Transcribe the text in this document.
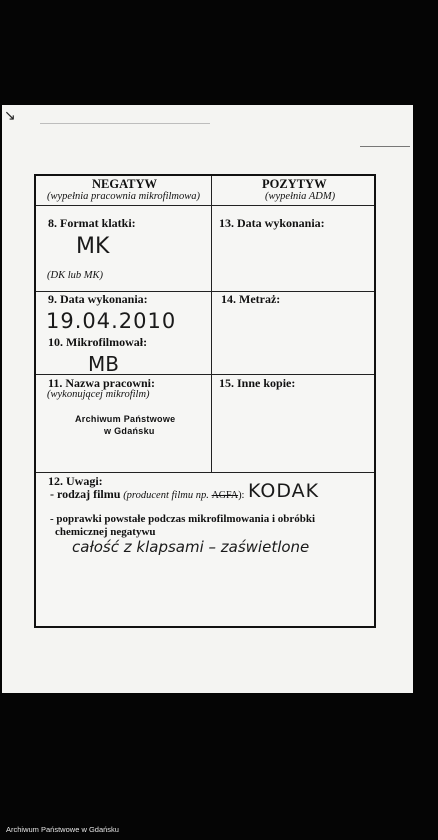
↘
NEGATYW
(wypełnia pracownia mikrofilmowa)
POZYTYW
(wypełnia ADM)
8. Format klatki:
MK
(DK lub MK)
13. Data wykonania:
9. Data wykonania:
19.04.2010
10. Mikrofilmował:
MB
14. Metraż:
11. Nazwa pracowni:
(wykonującej mikrofilm)
Archiwum Państwowe
w Gdańsku
15. Inne kopie:
12. Uwagi:
- rodzaj filmu (producent filmu np. AGFA): KODAK
- poprawki powstałe podczas mikrofilmowania i obróbki
chemicznej negatywu
całość z klapsami – zaświetlone
Archiwum Państwowe w Gdańsku
